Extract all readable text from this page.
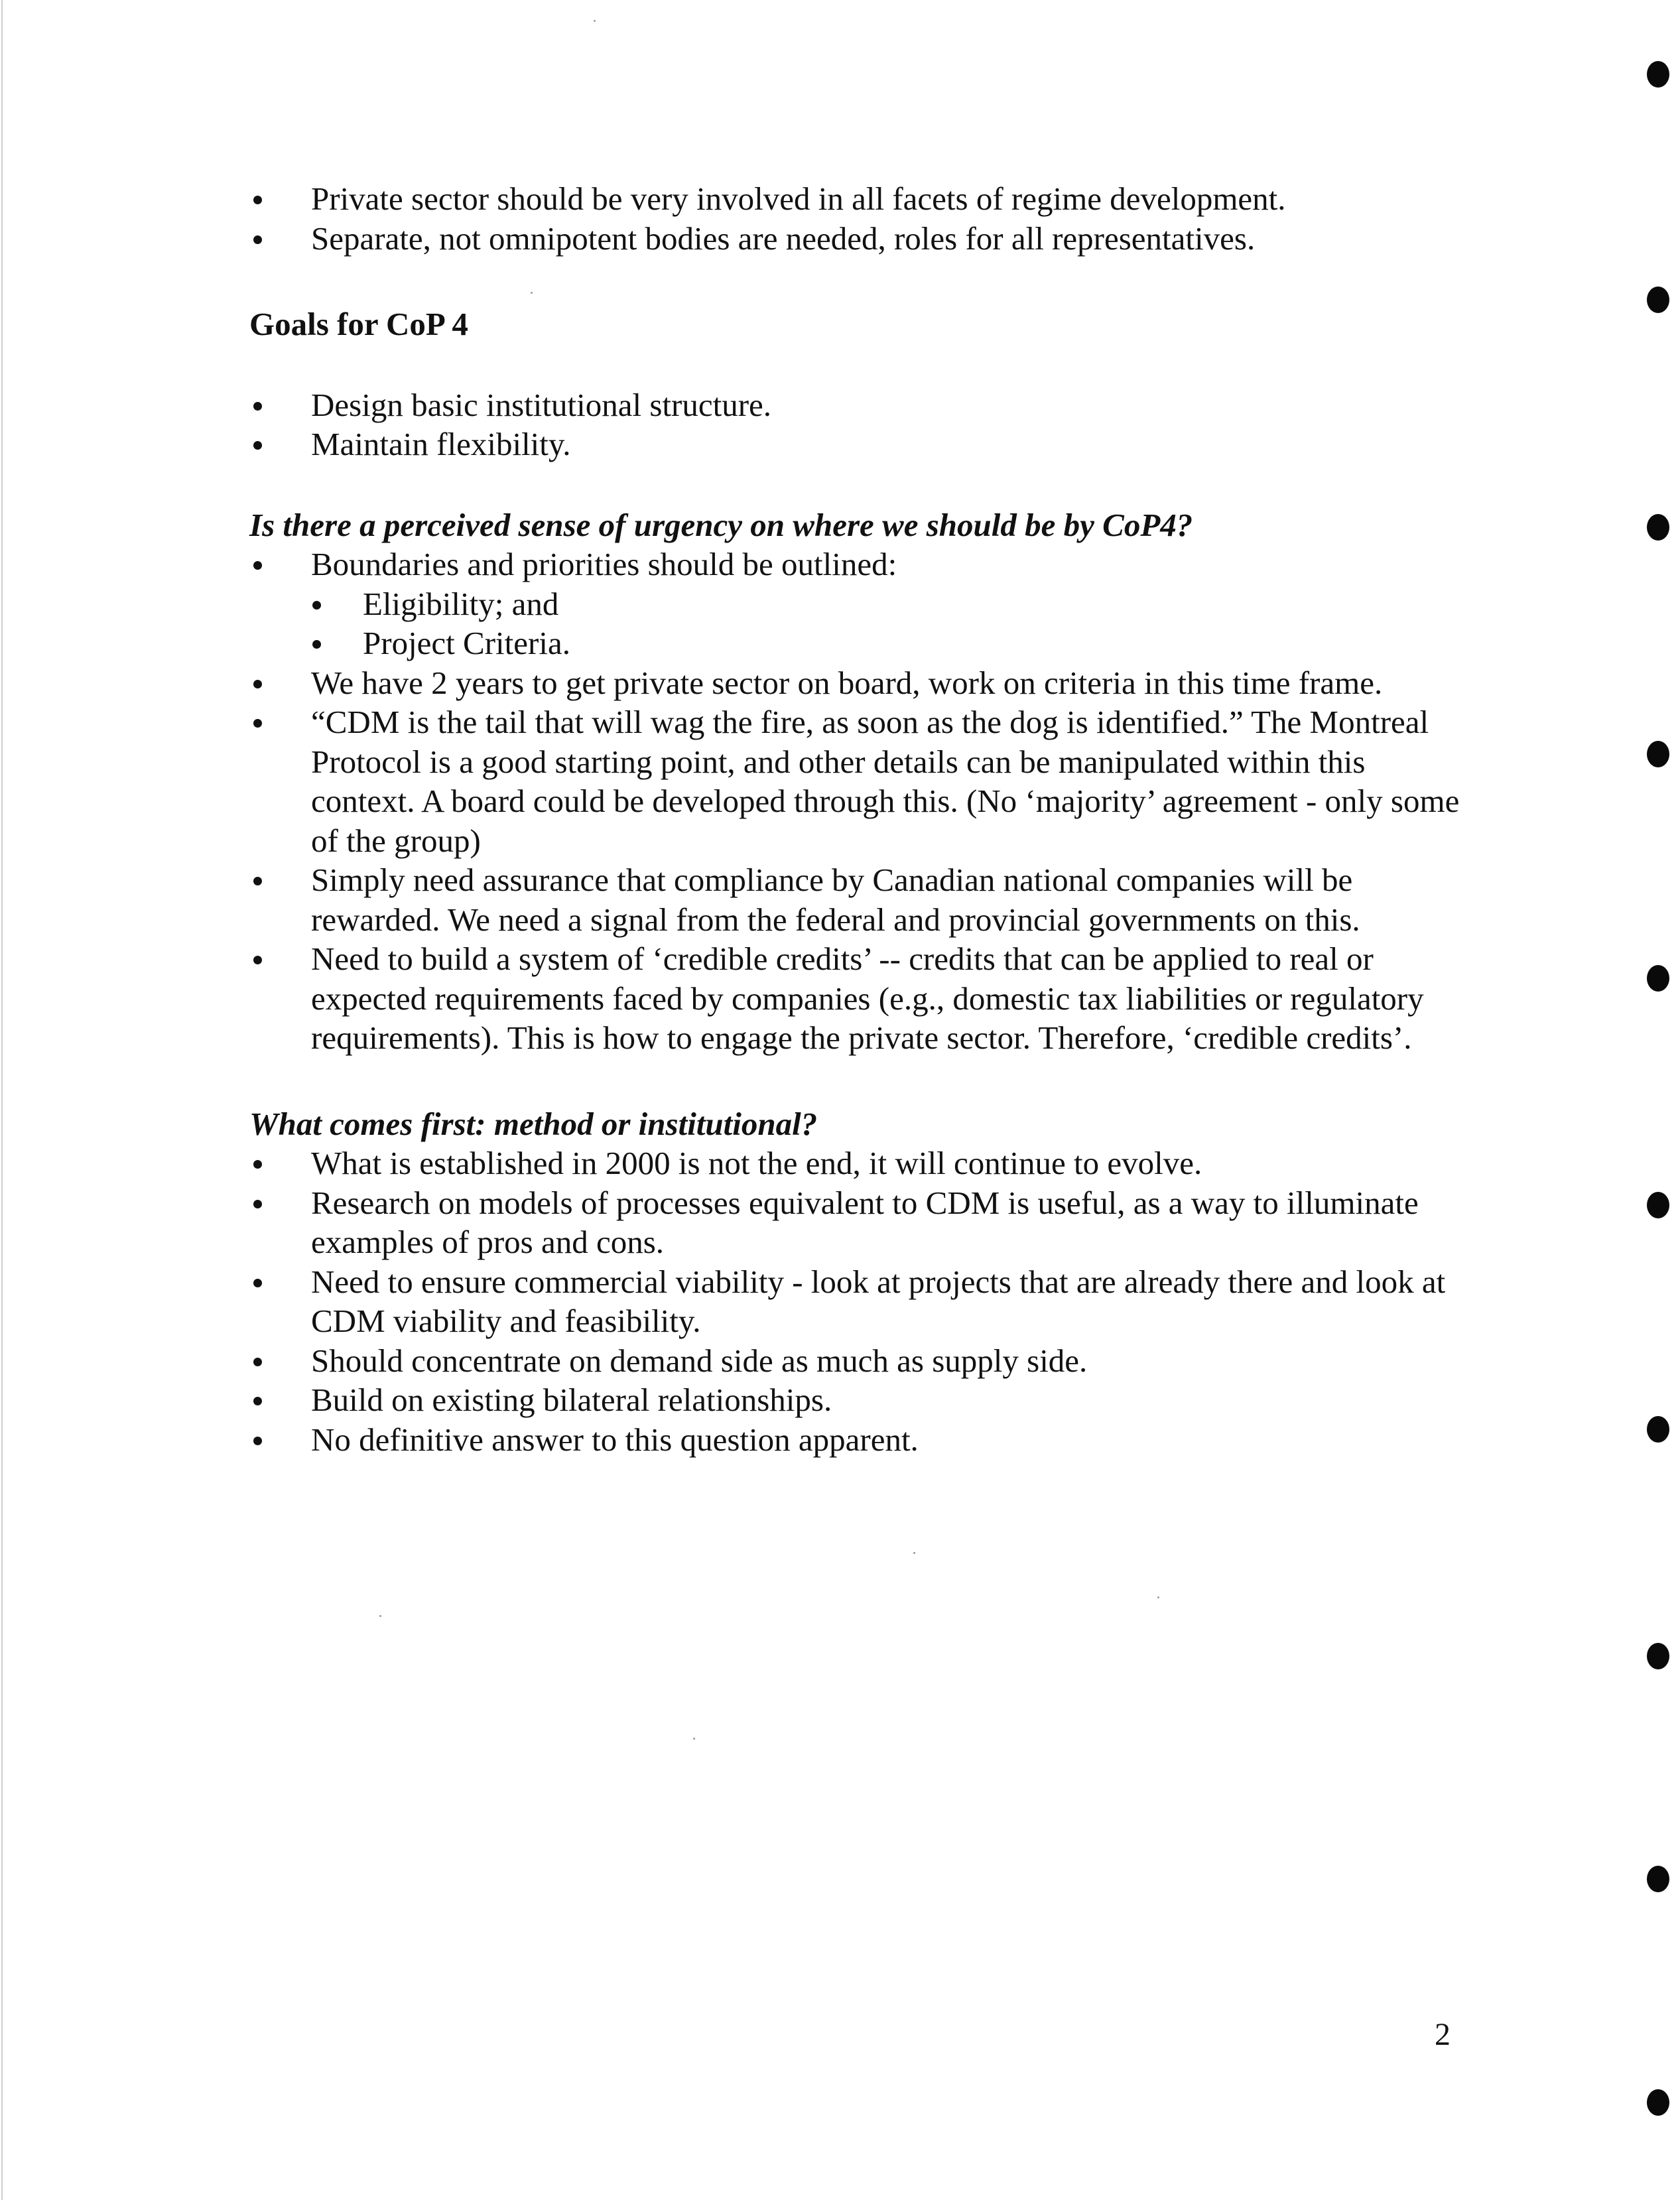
Private sector should be very involved in all facets of regime development.
Separate, not omnipotent bodies are needed, roles for all representatives.

Goals for CoP 4

Design basic institutional structure.
Maintain flexibility.

Is there a perceived sense of urgency on where we should be by CoP4?

Boundaries and priorities should be outlined:
Eligibility; and
Project Criteria.
We have 2 years to get private sector on board, work on criteria in this time frame.
“CDM is the tail that will wag the fire, as soon as the dog is identified.” The Montreal Protocol is a good starting point, and other details can be manipulated within this context. A board could be developed through this. (No ‘majority’ agreement - only some of the group)
Simply need assurance that compliance by Canadian national companies will be rewarded. We need a signal from the federal and provincial governments on this.
Need to build a system of ‘credible credits’ -- credits that can be applied to real or expected requirements faced by companies (e.g., domestic tax liabilities or regulatory requirements). This is how to engage the private sector. Therefore, ‘credible credits’.

What comes first: method or institutional?

What is established in 2000 is not the end, it will continue to evolve.
Research on models of processes equivalent to CDM is useful, as a way to illuminate examples of pros and cons.
Need to ensure commercial viability - look at projects that are already there and look at CDM viability and feasibility.
Should concentrate on demand side as much as supply side.
Build on existing bilateral relationships.
No definitive answer to this question apparent.
2
